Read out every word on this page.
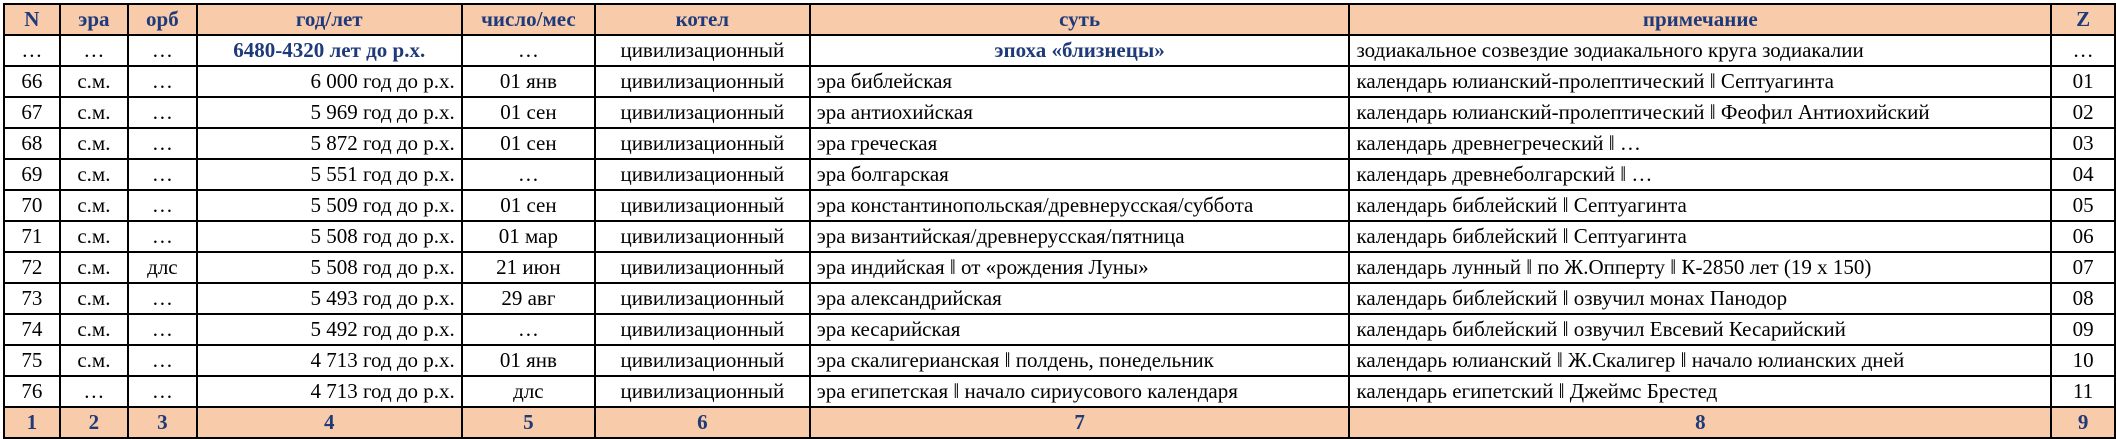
N	эра	орб	год/лет	число/мес	котел	суть	примечание	Z
…	…	…	6480-4320 лет до р.х.	…	цивилизационный	эпоха «близнецы»	зодиакальное созвездие зодиакального круга зодиакалии	…
66	с.м.	…	6 000 год до р.х.	01 янв	цивилизационный	эра библейская	календарь юлианский-пролептический ‖ Септуагинта	01
67	с.м.	…	5 969 год до р.х.	01 сен	цивилизационный	эра антиохийская	календарь юлианский-пролептический ‖ Феофил Антиохийский	02
68	с.м.	…	5 872 год до р.х.	01 сен	цивилизационный	эра греческая	календарь древнегреческий ‖ …	03
69	с.м.	…	5 551 год до р.х.	…	цивилизационный	эра болгарская	календарь древнеболгарский ‖ …	04
70	с.м.	…	5 509 год до р.х.	01 сен	цивилизационный	эра константинопольская/древнерусская/суббота	календарь библейский ‖ Септуагинта	05
71	с.м.	…	5 508 год до р.х.	01 мар	цивилизационный	эра византийская/древнерусская/пятница	календарь библейский ‖ Септуагинта	06
72	с.м.	длс	5 508 год до р.х.	21 июн	цивилизационный	эра индийская ‖ от «рождения Луны»	календарь лунный ‖ по Ж.Опперту ‖ К-2850 лет (19 x 150)	07
73	с.м.	…	5 493 год до р.х.	29 авг	цивилизационный	эра александрийская	календарь библейский ‖ озвучил монах Панодор	08
74	с.м.	…	5 492 год до р.х.	…	цивилизационный	эра кесарийская	календарь библейский ‖ озвучил Евсевий Кесарийский	09
75	с.м.	…	4 713 год до р.х.	01 янв	цивилизационный	эра скалигерианская ‖ полдень, понедельник	календарь юлианский ‖ Ж.Скалигер ‖ начало юлианских дней	10
76	…	…	4 713 год до р.х.	длс	цивилизационный	эра египетская ‖ начало сириусового календаря	календарь египетский ‖ Джеймс Брестед	11
1	2	3	4	5	6	7	8	9
